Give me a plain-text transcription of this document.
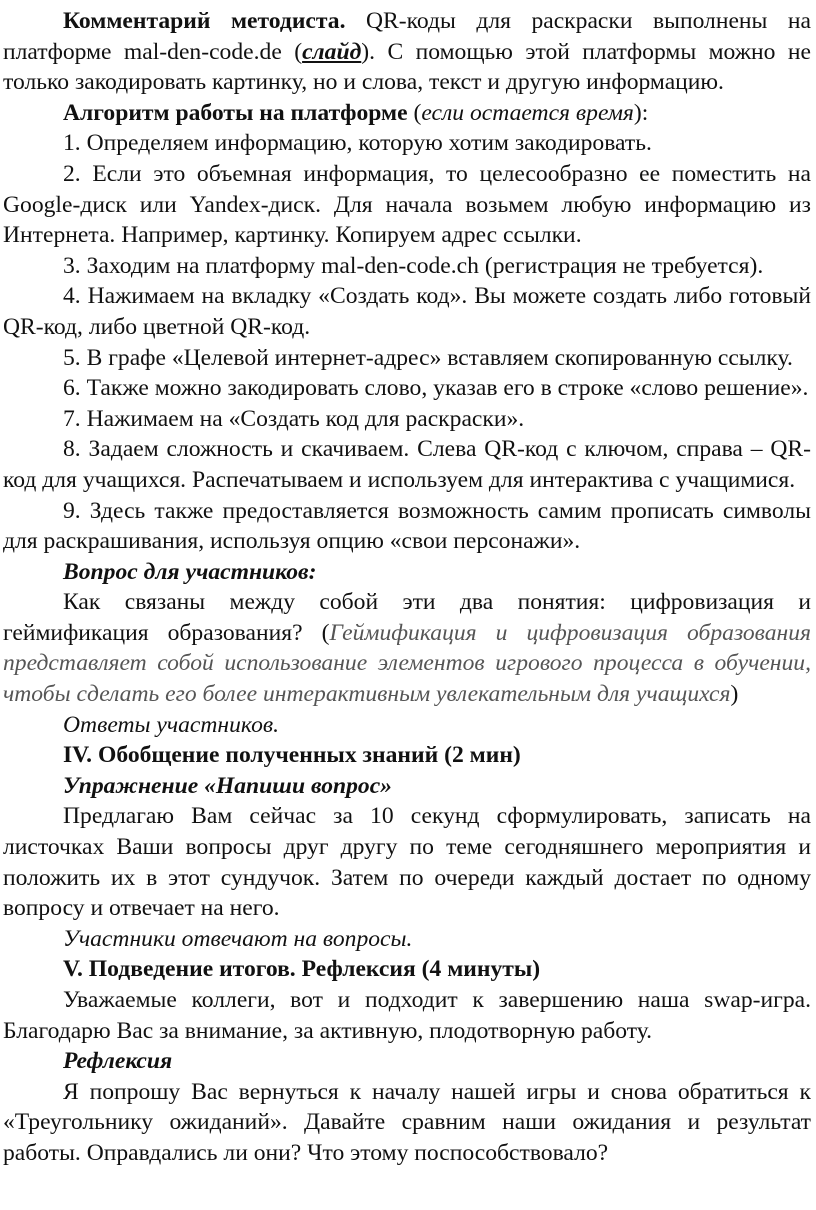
Комментарий методиста. QR-коды для раскраски выполнены на платформе mal-den-code.de (слайд). С помощью этой платформы можно не только закодировать картинку, но и слова, текст и другую информацию.

Алгоритм работы на платформе (если остается время):

1. Определяем информацию, которую хотим закодировать.

2. Если это объемная информация, то целесообразно ее поместить на Google-диск или Yandex-диск. Для начала возьмем любую информацию из Интернета. Например, картинку. Копируем адрес ссылки.

3. Заходим на платформу mal-den-code.ch (регистрация не требуется).

4. Нажимаем на вкладку «Создать код». Вы можете создать либо готовый QR-код, либо цветной QR-код.

5. В графе «Целевой интернет-адрес» вставляем скопированную ссылку.

6. Также можно закодировать слово, указав его в строке «слово решение».

7. Нажимаем на «Создать код для раскраски».

8. Задаем сложность и скачиваем. Слева QR-код с ключом, справа – QR-код для учащихся. Распечатываем и используем для интерактива с учащимися.

9. Здесь также предоставляется возможность самим прописать символы для раскрашивания, используя опцию «свои персонажи».

Вопрос для участников:

Как связаны между собой эти два понятия: цифровизация и геймификация образования? (Геймификация и цифровизация образования представляет собой использование элементов игрового процесса в обучении, чтобы сделать его более интерактивным увлекательным для учащихся)

Ответы участников.

IV. Обобщение полученных знаний (2 мин)

Упражнение «Напиши вопрос»

Предлагаю Вам сейчас за 10 секунд сформулировать, записать на листочках Ваши вопросы друг другу по теме сегодняшнего мероприятия и положить их в этот сундучок. Затем по очереди каждый достает по одному вопросу и отвечает на него.

Участники отвечают на вопросы.

V. Подведение итогов. Рефлексия (4 минуты)

Уважаемые коллеги, вот и подходит к завершению наша swap-игра. Благодарю Вас за внимание, за активную, плодотворную работу.

Рефлексия

Я попрошу Вас вернуться к началу нашей игры и снова обратиться к «Треугольнику ожиданий». Давайте сравним наши ожидания и результат работы. Оправдались ли они? Что этому поспособствовало?
